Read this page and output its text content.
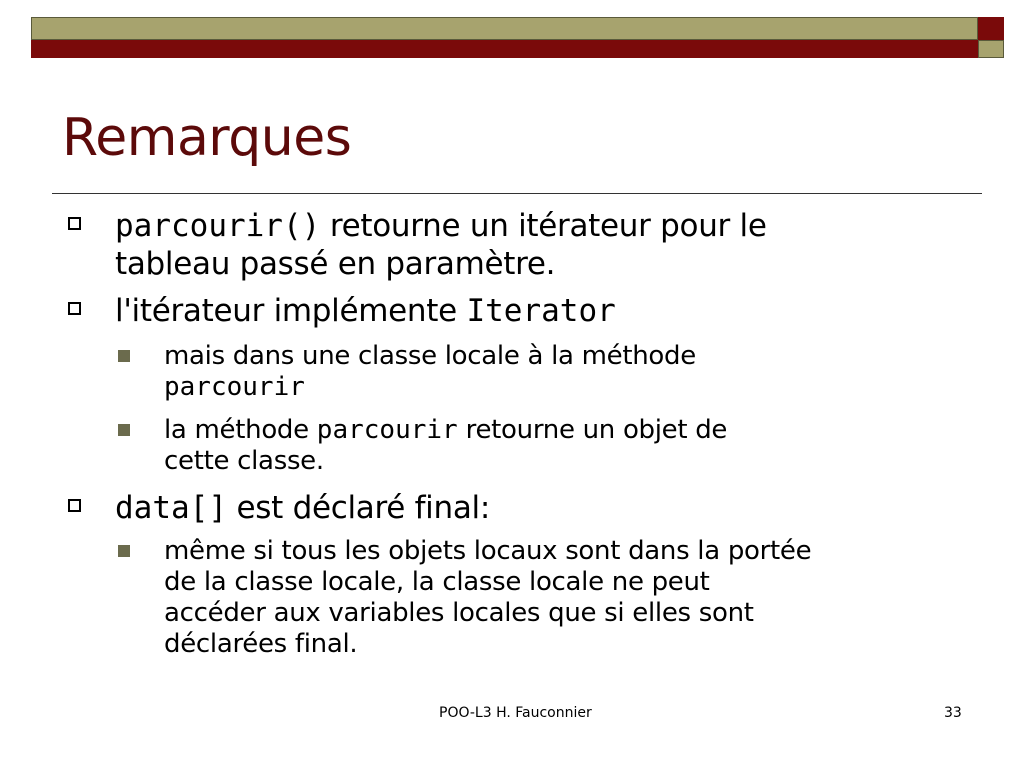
Remarques

parcourir() retourne un itérateur pour le
tableau passé en paramètre.

l'itérateur implémente Iterator

mais dans une classe locale à la méthode
parcourir

la méthode parcourir retourne un objet de
cette classe.

data[] est déclaré final:

même si tous les objets locaux sont dans la portée
de la classe locale, la classe locale ne peut
accéder aux variables locales que si elles sont
déclarées final.

POO-L3 H. Fauconnier	33
